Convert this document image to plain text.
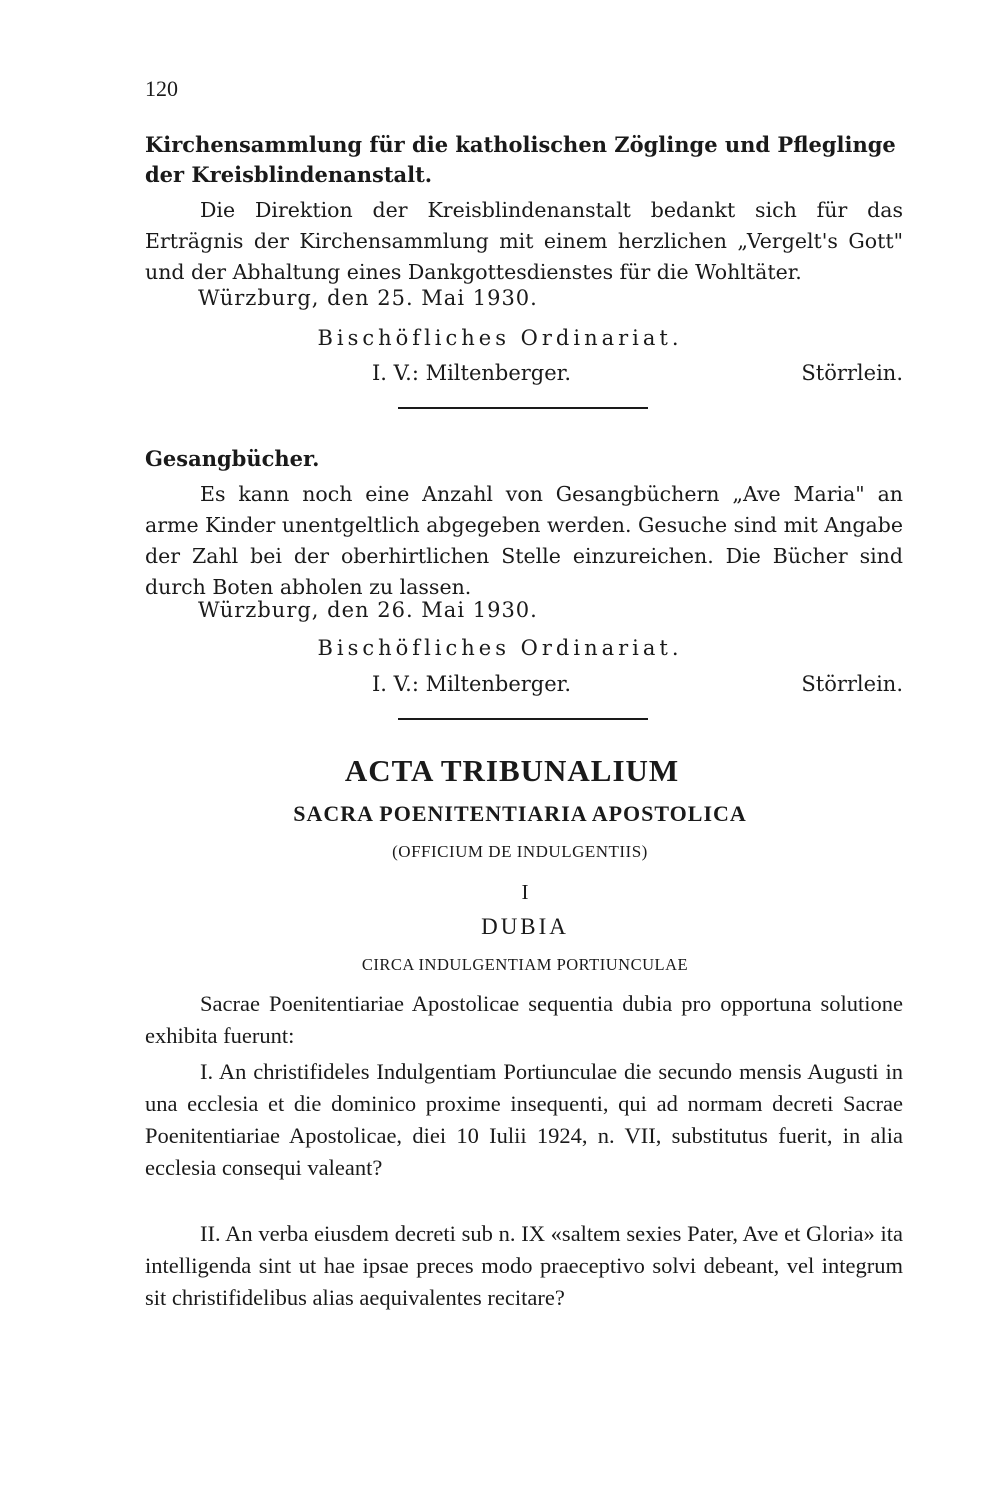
120
Kirchensammlung für die katholischen Zöglinge und Pfleglinge der Kreisblindenanstalt.

Die Direktion der Kreisblindenanstalt bedankt sich für das Erträgnis der Kirchensammlung mit einem herzlichen „Vergelt's Gott" und der Abhaltung eines Dankgottesdienstes für die Wohltäter.

Würzburg, den 25. Mai 1930.
Bischöfliches Ordinariat.
I. V.: Miltenberger.	Störrlein.
Gesangbücher.

Es kann noch eine Anzahl von Gesangbüchern „Ave Maria" an arme Kinder unentgeltlich abgegeben werden. Gesuche sind mit Angabe der Zahl bei der oberhirtlichen Stelle einzureichen. Die Bücher sind durch Boten abholen zu lassen.

Würzburg, den 26. Mai 1930.
Bischöfliches Ordinariat.
I. V.: Miltenberger.	Störrlein.
ACTA TRIBUNALIUM
SACRA POENITENTIARIA APOSTOLICA
(OFFICIUM DE INDULGENTIIS)
I
DUBIA
CIRCA INDULGENTIAM PORTIUNCULAE

Sacrae Poenitentiariae Apostolicae sequentia dubia pro opportuna solutione exhibita fuerunt:

I. An christifideles Indulgentiam Portiunculae die secundo mensis Augusti in una ecclesia et die dominico proxime insequenti, qui ad normam decreti Sacrae Poenitentiariae Apostolicae, diei 10 Iulii 1924, n. VII, substitutus fuerit, in alia ecclesia consequi valeant?

II. An verba eiusdem decreti sub n. IX «saltem sexies Pater, Ave et Gloria» ita intelligenda sint ut hae ipsae preces modo praeceptivo solvi debeant, vel integrum sit christifidelibus alias aequivalentes recitare?
